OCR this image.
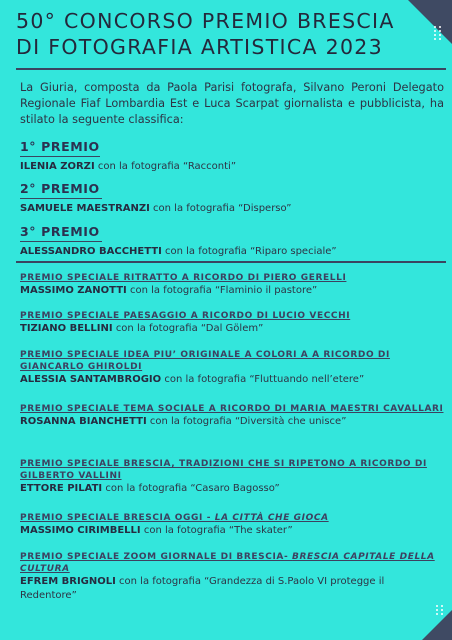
50° CONCORSO PREMIO BRESCIA
DI FOTOGRAFIA ARTISTICA 2023
La Giuria, composta da Paola Parisi fotografa, Silvano Peroni Delegato Regionale Fiaf Lombardia Est e Luca Scarpat giornalista e pubblicista, ha stilato la seguente classifica:
1° PREMIO
ILENIA ZORZI con la fotografia “Racconti”
2° PREMIO
SAMUELE MAESTRANZI con la fotografia “Disperso”
3° PREMIO
ALESSANDRO BACCHETTI con la fotografia “Riparo speciale”
PREMIO SPECIALE RITRATTO A RICORDO DI PIERO GERELLI
MASSIMO ZANOTTI con la fotografia “Flaminio il pastore”
PREMIO SPECIALE PAESAGGIO A RICORDO DI LUCIO VECCHI
TIZIANO BELLINI con la fotografia “Dal Gölem”
PREMIO SPECIALE IDEA PIU’ ORIGINALE A COLORI A A RICORDO DI GIANCARLO GHIROLDI
ALESSIA SANTAMBROGIO con la fotografia “Fluttuando nell’etere”
PREMIO SPECIALE TEMA SOCIALE A RICORDO DI MARIA MAESTRI CAVALLARI
ROSANNA BIANCHETTI con la fotografia “Diversità che unisce”
PREMIO SPECIALE BRESCIA, TRADIZIONI CHE SI RIPETONO A RICORDO DI GILBERTO VALLINI
ETTORE PILATI con la fotografia “Casaro Bagosso”
PREMIO SPECIALE BRESCIA OGGI - LA CITTÀ CHE GIOCA
MASSIMO CIRIMBELLI con la fotografia “The skater”
PREMIO SPECIALE ZOOM GIORNALE DI BRESCIA- BRESCIA CAPITALE DELLA CULTURA
EFREM BRIGNOLI con la fotografia “Grandezza di S.Paolo VI protegge il Redentore”
